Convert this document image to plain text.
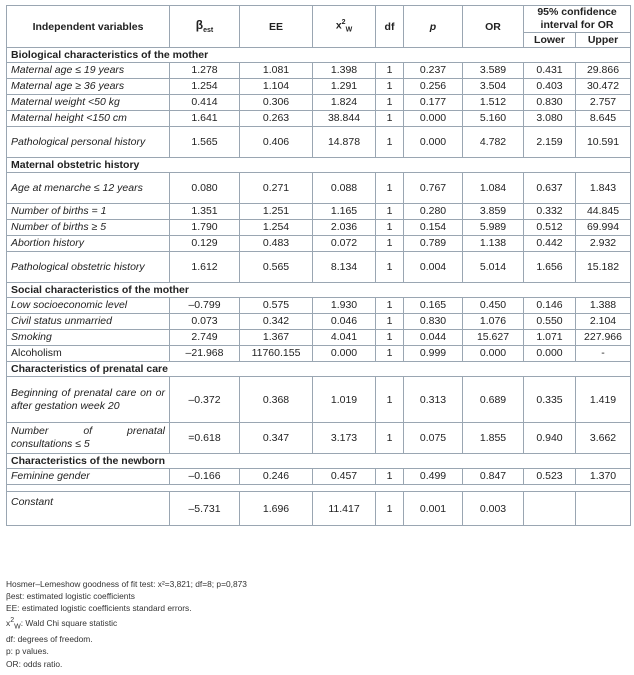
Independent variables	$\beta_{est}$	EE	$x^2_W$	df	p	OR	95% confidence
interval for OR	

							Lower	Upper
Biological characteristics of the mother								
Maternal age ≤ 19 years	1.278	1.081	1.398	1	0.237	3.589	0.431	29.866
Maternal age ≥ 36 years	1.254	1.104	1.291	1	0.256	3.504	0.403	30.472
Maternal weight <50 kg	0.414	0.306	1.824	1	0.177	1.512	0.830	2.757
Maternal height <150 cm	1.641	0.263	38.844	1	0.000	5.160	3.080	8.645
Pathological personal history	1.565	0.406	14.878	1	0.000	4.782	2.159	10.591
Maternal obstetric history								
Age at menarche ≤ 12 years	0.080	0.271	0.088	1	0.767	1.084	0.637	1.843
Number of births = 1	1.351	1.251	1.165	1	0.280	3.859	0.332	44.845
Number of births ≥ 5	1.790	1.254	2.036	1	0.154	5.989	0.512	69.994
Abortion history	0.129	0.483	0.072	1	0.789	1.138	0.442	2.932
Pathological obstetric history	1.612	0.565	8.134	1	0.004	5.014	1.656	15.182
Social characteristics of the mother								
Low socioeconomic level	–0.799	0.575	1.930	1	0.165	0.450	0.146	1.388
Civil status unmarried	0.073	0.342	0.046	1	0.830	1.076	0.550	2.104
Smoking	2.749	1.367	4.041	1	0.044	15.627	1.071	227.966
Alcoholism	–21.968	11760.155	0.000	1	0.999	0.000	0.000	-
Characteristics of prenatal care								
Beginning of prenatal care on or after gestation week 20	–0.372	0.368	1.019	1	0.313	0.689	0.335	1.419
Number of prenatal consultations ≤ 5	=0.618	0.347	3.173	1	0.075	1.855	0.940	3.662
Characteristics of the newborn								
Feminine gender	–0.166	0.246	0.457	1	0.499	0.847	0.523	1.370

Constant	–5.731	1.696	11.417	1	0.001	0.003		
Hosmer–Lemeshow goodness of fit test: x²=3,821; df=8; p=0,873
βest: estimated logistic coefficients
EE: estimated logistic coefficients standard errors.
$x^2_W$: Wald Chi square statistic
df: degrees of freedom.
p: p values.
OR: odds ratio.
